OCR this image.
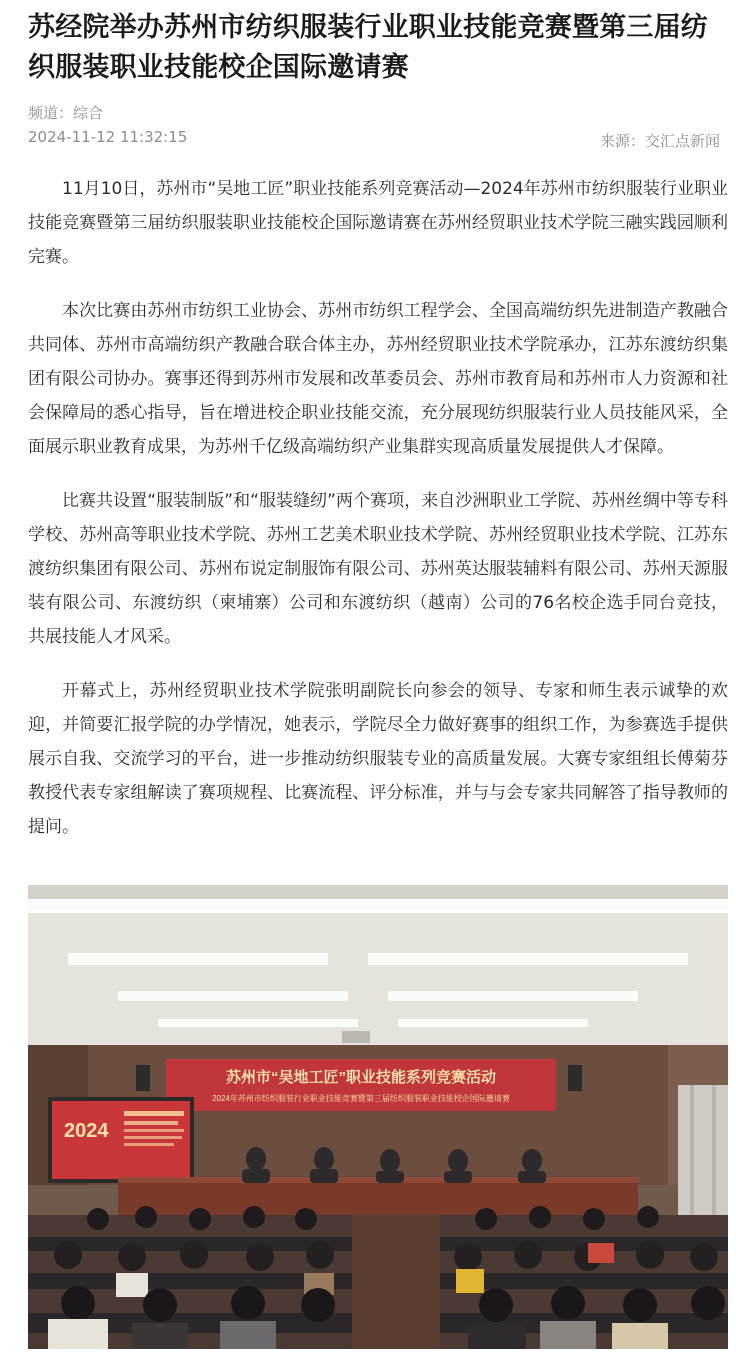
苏经院举办苏州市纺织服装行业职业技能竞赛暨第三届纺织服装职业技能校企国际邀请赛
频道：综合
2024-11-12 11:32:15	来源：交汇点新闻

11月10日，苏州市“吴地工匠”职业技能系列竞赛活动—2024年苏州市纺织服装行业职业技能竞赛暨第三届纺织服装职业技能校企国际邀请赛在苏州经贸职业技术学院三融实践园顺利完赛。

本次比赛由苏州市纺织工业协会、苏州市纺织工程学会、全国高端纺织先进制造产教融合共同体、苏州市高端纺织产教融合联合体主办，苏州经贸职业技术学院承办，江苏东渡纺织集团有限公司协办。赛事还得到苏州市发展和改革委员会、苏州市教育局和苏州市人力资源和社会保障局的悉心指导，旨在增进校企职业技能交流，充分展现纺织服装行业人员技能风采，全面展示职业教育成果，为苏州千亿级高端纺织产业集群实现高质量发展提供人才保障。

比赛共设置“服装制版”和“服装缝纫”两个赛项，来自沙洲职业工学院、苏州丝绸中等专科学校、苏州高等职业技术学院、苏州工艺美术职业技术学院、苏州经贸职业技术学院、江苏东渡纺织集团有限公司、苏州布说定制服饰有限公司、苏州英达服装辅料有限公司、苏州天源服装有限公司、东渡纺织（柬埔寨）公司和东渡纺织（越南）公司的76名校企选手同台竞技，共展技能人才风采。

开幕式上，苏州经贸职业技术学院张明副院长向参会的领导、专家和师生表示诚挚的欢迎，并简要汇报学院的办学情况，她表示，学院尽全力做好赛事的组织工作，为参赛选手提供展示自我、交流学习的平台，进一步推动纺织服装专业的高质量发展。大赛专家组组长傅菊芬教授代表专家组解读了赛项规程、比赛流程、评分标准，并与与会专家共同解答了指导教师的提问。

苏州市“吴地工匠”职业技能系列竞赛活动
2024年苏州市纺织服装行业职业技能竞赛暨第三届纺织服装职业技能校企国际邀请赛
2024
